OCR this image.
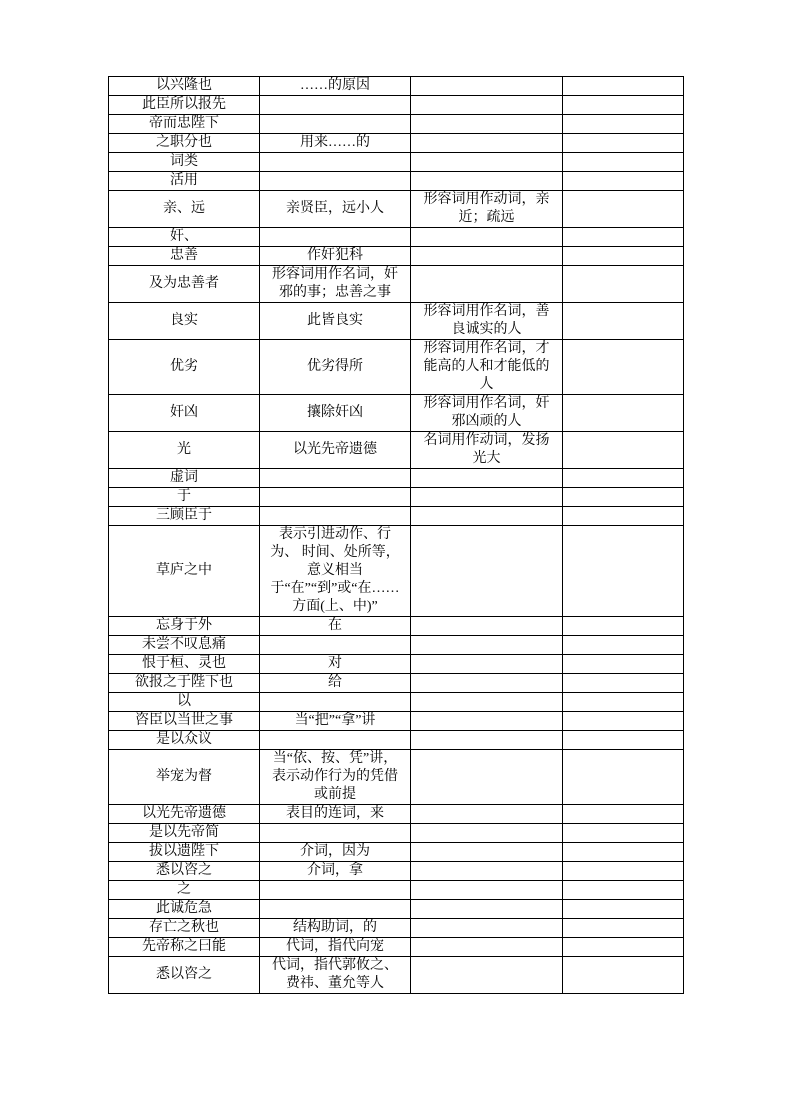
以兴隆也	……的原因		
此臣所以报先			
帝而忠陛下			
之职分也	用来……的		
词类			
活用			
亲、远	亲贤臣，远小人	形容词用作动词，亲近；疏远	
奸、			
忠善	作奸犯科		
及为忠善者	形容词用作名词，奸邪的事；忠善之事		
良实	此皆良实	形容词用作名词，善良诚实的人	
优劣	优劣得所	形容词用作名词，才能高的人和才能低的人	
奸凶	攘除奸凶	形容词用作名词，奸邪凶顽的人	
光	以光先帝遗德	名词用作动词，发扬光大	
虚词			
于			
三顾臣于			
草庐之中	表示引进动作、行为、 时间、处所等，意义相当于“在”“到”或“在……方面(上、中)”		
忘身于外	在		
未尝不叹息痛			
恨于桓、灵也	对		
欲报之于陛下也	给		
以			
咨臣以当世之事	当“把”“拿”讲		
是以众议			
举宠为督	当“依、按、凭”讲，表示动作行为的凭借或前提		
以光先帝遗德	表目的连词，来		
是以先帝简			
拔以遗陛下	介词，因为		
悉以咨之	介词，拿		
之			
此诚危急			
存亡之秋也	结构助词，的		
先帝称之曰能	代词，指代向宠		
悉以咨之	代词，指代郭攸之、费祎、董允等人		
